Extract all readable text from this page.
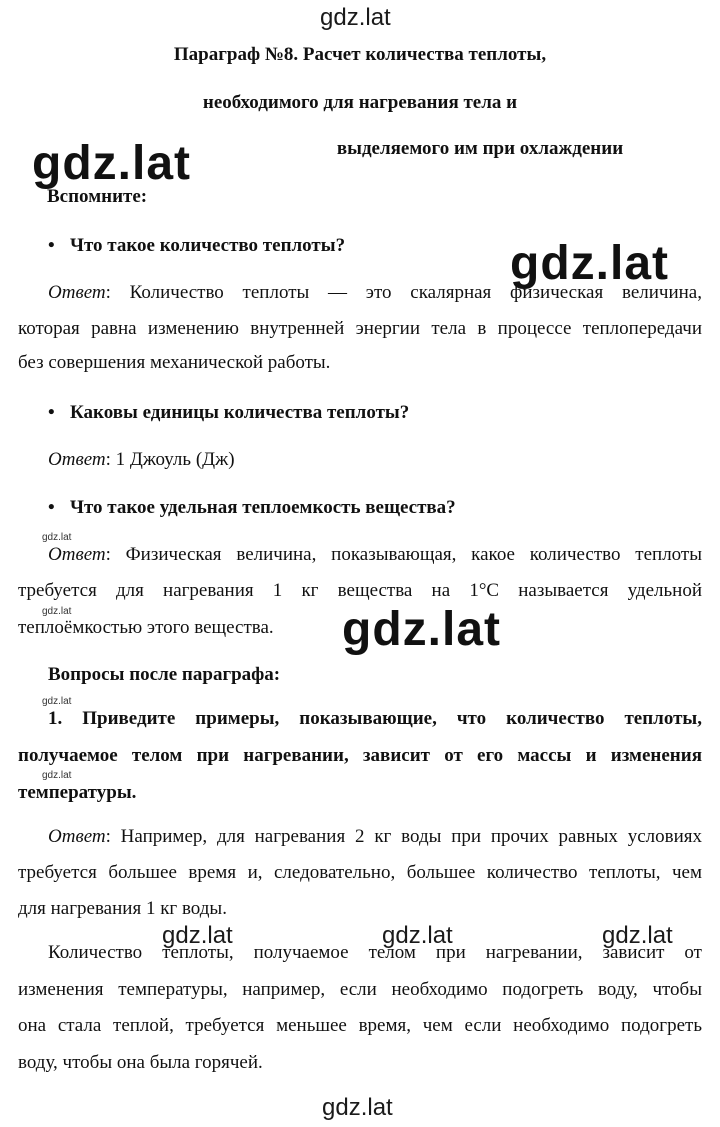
gdz.lat
Параграф №8. Расчет количества теплоты,
необходимого для нагревания тела и
выделяемого им при охлаждении
gdz.lat
Вспомните:
• Что такое количество теплоты?	gdz.lat
Ответ: Количество теплоты — это скалярная физическая величина,
которая равна изменению внутренней энергии тела в процессе теплопередачи
без совершения механической работы.
• Каковы единицы количества теплоты?
Ответ: 1 Джоуль (Дж)
• Что такое удельная теплоемкость вещества?
gdz.lat
Ответ: Физическая величина, показывающая, какое количество теплоты
требуется для нагревания 1 кг вещества на 1°C называется удельной
gdz.lat
теплоёмкостью этого вещества.	gdz.lat
Вопросы после параграфа:
gdz.lat
1. Приведите примеры, показывающие, что количество теплоты,
получаемое телом при нагревании, зависит от его массы и изменения
gdz.lat
температуры.
Ответ: Например, для нагревания 2 кг воды при прочих равных условиях
требуется большее время и, следовательно, большее количество теплоты, чем
для нагревания 1 кг воды.
gdz.lat	gdz.lat	gdz.lat
Количество теплоты, получаемое телом при нагревании, зависит от
изменения температуры, например, если необходимо подогреть воду, чтобы
она стала теплой, требуется меньшее время, чем если необходимо подогреть
воду, чтобы она была горячей.
gdz.lat
